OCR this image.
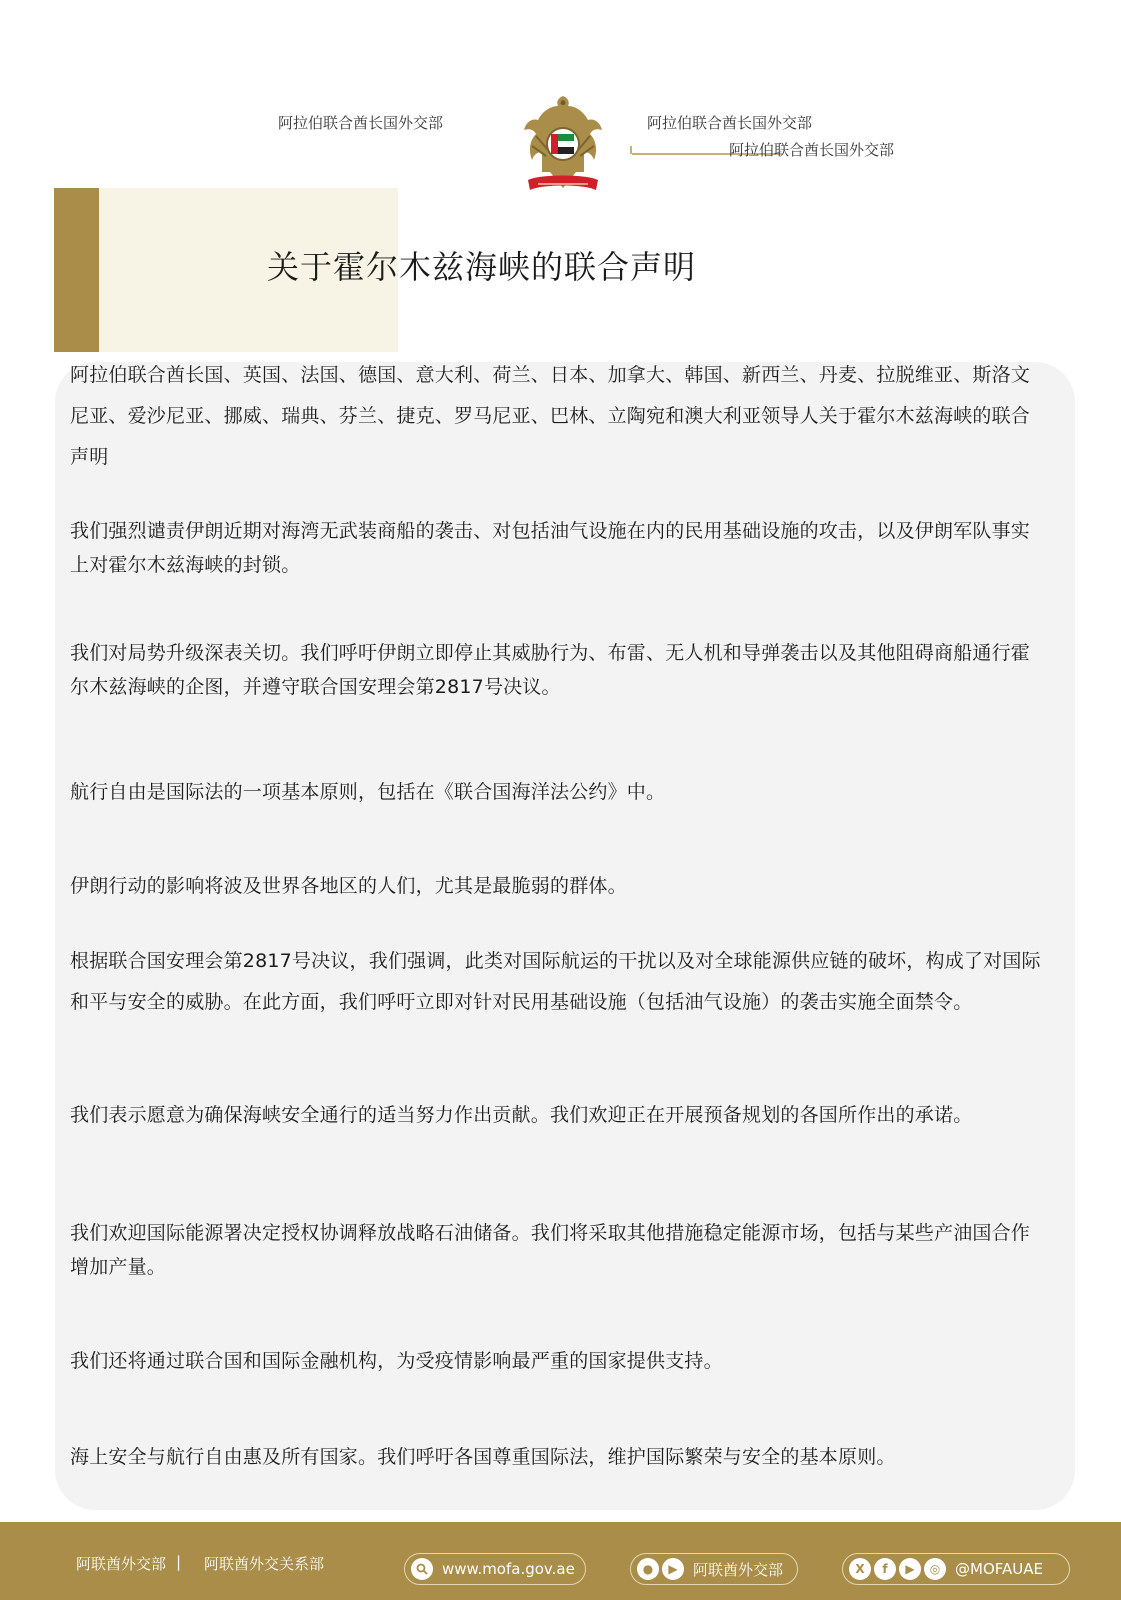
阿拉伯联合酋长国外交部	阿拉伯联合酋长国外交部
阿拉伯联合酋长国外交部
关于霍尔木兹海峡的联合声明

阿拉伯联合酋长国、英国、法国、德国、意大利、荷兰、日本、加拿大、韩国、新西兰、丹麦、拉脱维亚、斯洛文尼亚、爱沙尼亚、挪威、瑞典、芬兰、捷克、罗马尼亚、巴林、立陶宛和澳大利亚领导人关于霍尔木兹海峡的联合声明

我们强烈谴责伊朗近期对海湾无武装商船的袭击、对包括油气设施在内的民用基础设施的攻击，以及伊朗军队事实上对霍尔木兹海峡的封锁。

我们对局势升级深表关切。我们呼吁伊朗立即停止其威胁行为、布雷、无人机和导弹袭击以及其他阻碍商船通行霍尔木兹海峡的企图，并遵守联合国安理会第2817号决议。

航行自由是国际法的一项基本原则，包括在《联合国海洋法公约》中。

伊朗行动的影响将波及世界各地区的人们，尤其是最脆弱的群体。

根据联合国安理会第2817号决议，我们强调，此类对国际航运的干扰以及对全球能源供应链的破坏，构成了对国际和平与安全的威胁。在此方面，我们呼吁立即对针对民用基础设施（包括油气设施）的袭击实施全面禁令。

我们表示愿意为确保海峡安全通行的适当努力作出贡献。我们欢迎正在开展预备规划的各国所作出的承诺。

我们欢迎国际能源署决定授权协调释放战略石油储备。我们将采取其他措施稳定能源市场，包括与某些产油国合作增加产量。

我们还将通过联合国和国际金融机构，为受疫情影响最严重的国家提供支持。

海上安全与航行自由惠及所有国家。我们呼吁各国尊重国际法，维护国际繁荣与安全的基本原则。

阿联酋外交部 | 阿联酋外交关系部	www.mofa.gov.ae	●	▶	阿联酋外交部	X	f	▶	◎ @MOFAUAE
